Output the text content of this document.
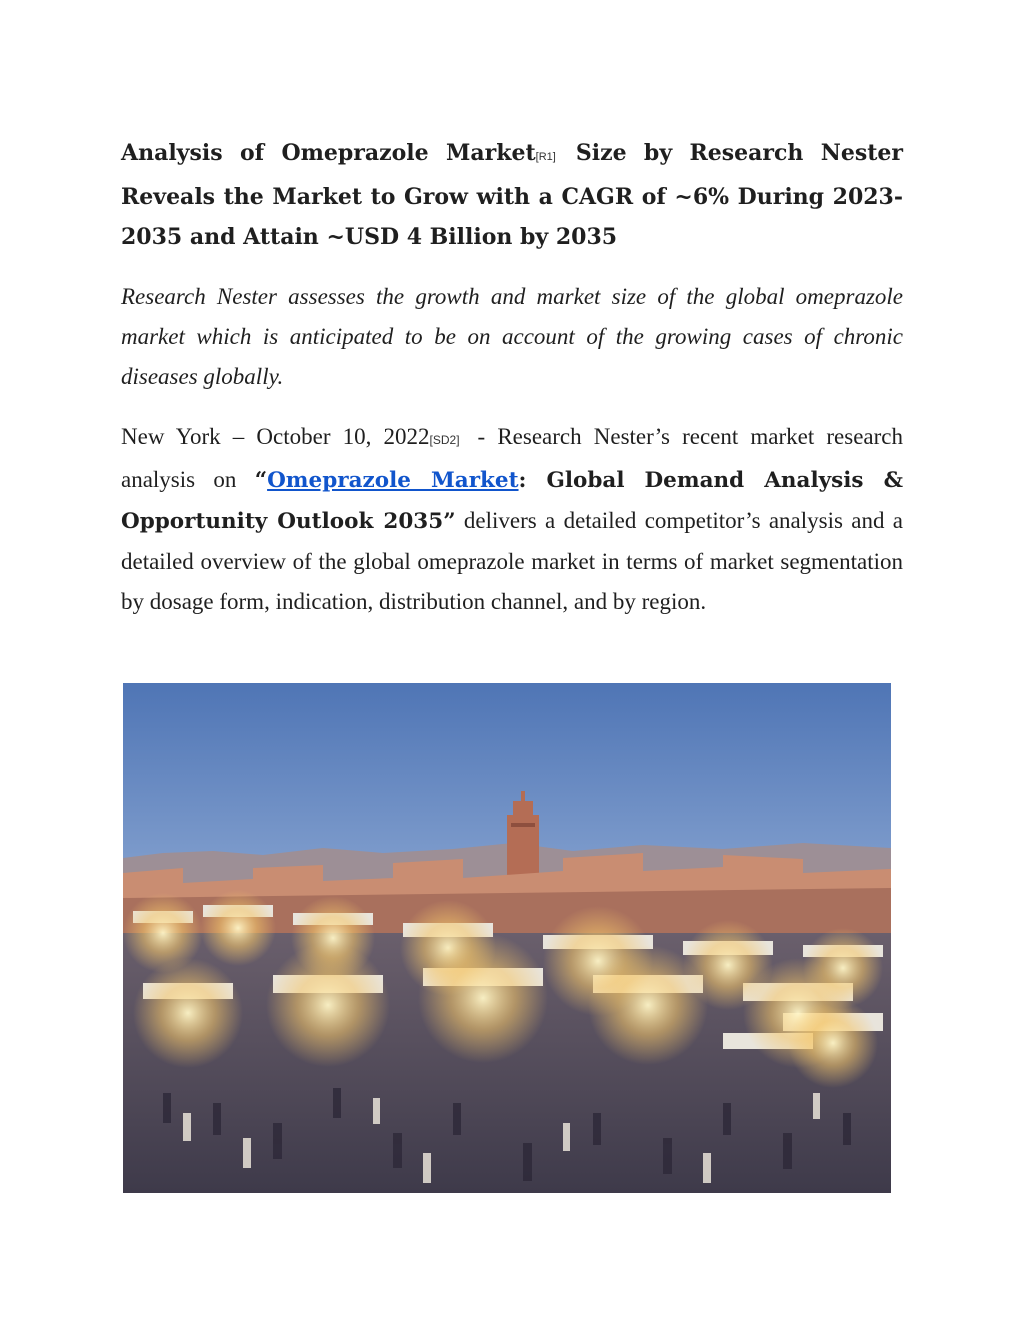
Analysis of Omeprazole Market[R1] Size by Research Nester Reveals the Market to Grow with a CAGR of ~6% During 2023-2035 and Attain ~USD 4 Billion by 2035

Research Nester assesses the growth and market size of the global omeprazole market which is anticipated to be on account of the growing cases of chronic diseases globally.

New York – October 10, 2022[SD2] - Research Nester’s recent market research analysis on “Omeprazole Market: Global Demand Analysis & Opportunity Outlook 2035” delivers a detailed competitor’s analysis and a detailed overview of the global omeprazole market in terms of market segmentation by dosage form, indication, distribution channel, and by region.
